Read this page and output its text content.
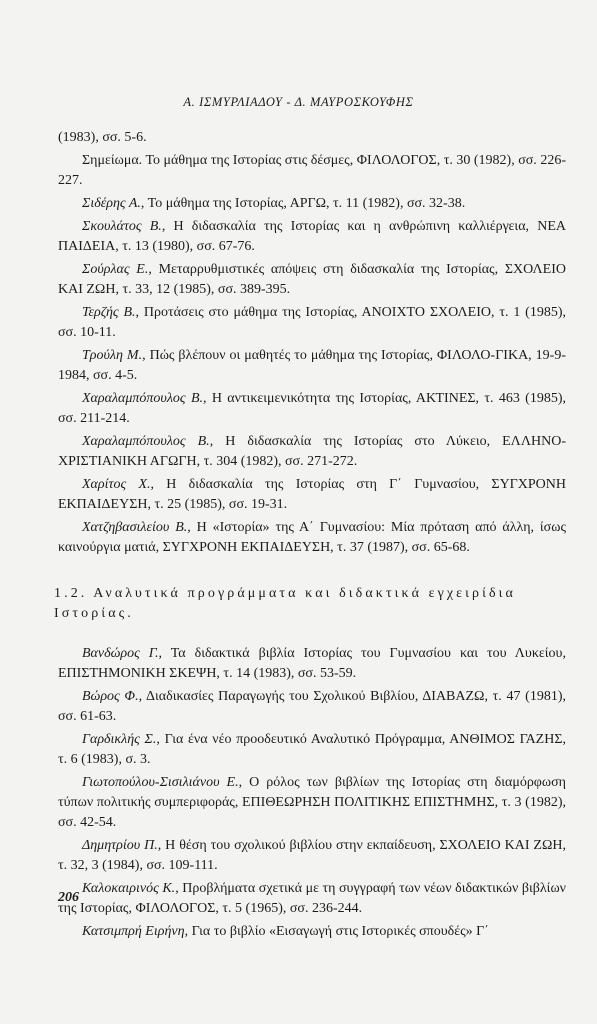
Α. ΙΣΜΥΡΛΙΑΔΟΥ - Δ. ΜΑΥΡΟΣΚΟΥΦΗΣ

(1983), σσ. 5-6.

Σημείωμα. Το μάθημα της Ιστορίας στις δέσμες, ΦΙΛΟΛΟΓΟΣ, τ. 30 (1982), σσ. 226-227.

Σιδέρης Α., Το μάθημα της Ιστορίας, ΑΡΓΩ, τ. 11 (1982), σσ. 32-38.

Σκουλάτος Β., Η διδασκαλία της Ιστορίας και η ανθρώπινη καλλιέργεια, ΝΕΑ ΠΑΙΔΕΙΑ, τ. 13 (1980), σσ. 67-76.

Σούρλας Ε., Μεταρρυθμιστικές απόψεις στη διδασκαλία της Ιστορίας, ΣΧΟΛΕΙΟ ΚΑΙ ΖΩΗ, τ. 33, 12 (1985), σσ. 389-395.

Τερζής Β., Προτάσεις στο μάθημα της Ιστορίας, ΑΝΟΙΧΤΟ ΣΧΟΛΕΙΟ, τ. 1 (1985), σσ. 10-11.

Τρούλη Μ., Πώς βλέπουν οι μαθητές το μάθημα της Ιστορίας, ΦΙΛΟΛΟ-ΓΙΚΑ, 19-9-1984, σσ. 4-5.

Χαραλαμπόπουλος Β., Η αντικειμενικότητα της Ιστορίας, ΑΚΤΙΝΕΣ, τ. 463 (1985), σσ. 211-214.

Χαραλαμπόπουλος Β., Η διδασκαλία της Ιστορίας στο Λύκειο, ΕΛΛΗΝΟ-ΧΡΙΣΤΙΑΝΙΚΗ ΑΓΩΓΗ, τ. 304 (1982), σσ. 271-272.

Χαρίτος Χ., Η διδασκαλία της Ιστορίας στη Γ΄ Γυμνασίου, ΣΥΓΧΡΟΝΗ ΕΚΠΑΙΔΕΥΣΗ, τ. 25 (1985), σσ. 19-31.

Χατζηβασιλείου Β., Η «Ιστορία» της Α΄ Γυμνασίου: Μία πρόταση από άλλη, ίσως καινούργια ματιά, ΣΥΓΧΡΟΝΗ ΕΚΠΑΙΔΕΥΣΗ, τ. 37 (1987), σσ. 65-68.

1.2. Αναλυτικά προγράμματα και διδακτικά εγχειρίδια Ιστορίας.

Βανδώρος Γ., Τα διδακτικά βιβλία Ιστορίας του Γυμνασίου και του Λυκείου, ΕΠΙΣΤΗΜΟΝΙΚΗ ΣΚΕΨΗ, τ. 14 (1983), σσ. 53-59.

Βώρος Φ., Διαδικασίες Παραγωγής του Σχολικού Βιβλίου, ΔΙΑΒΑΖΩ, τ. 47 (1981), σσ. 61-63.

Γαρδικλής Σ., Για ένα νέο προοδευτικό Αναλυτικό Πρόγραμμα, ΑΝΘΙΜΟΣ ΓΑΖΗΣ, τ. 6 (1983), σ. 3.

Γιωτοπούλου-Σισιλιάνου Ε., Ο ρόλος των βιβλίων της Ιστορίας στη διαμόρφωση τύπων πολιτικής συμπεριφοράς, ΕΠΙΘΕΩΡΗΣΗ ΠΟΛΙΤΙΚΗΣ ΕΠΙΣΤΗΜΗΣ, τ. 3 (1982), σσ. 42-54.

Δημητρίου Π., Η θέση του σχολικού βιβλίου στην εκπαίδευση, ΣΧΟΛΕΙΟ ΚΑΙ ΖΩΗ, τ. 32, 3 (1984), σσ. 109-111.

Καλοκαιρινός Κ., Προβλήματα σχετικά με τη συγγραφή των νέων διδακτικών βιβλίων της Ιστορίας, ΦΙΛΟΛΟΓΟΣ, τ. 5 (1965), σσ. 236-244.

Κατσιμπρή Ειρήνη, Για το βιβλίο «Εισαγωγή στις Ιστορικές σπουδές» Γ΄

206
